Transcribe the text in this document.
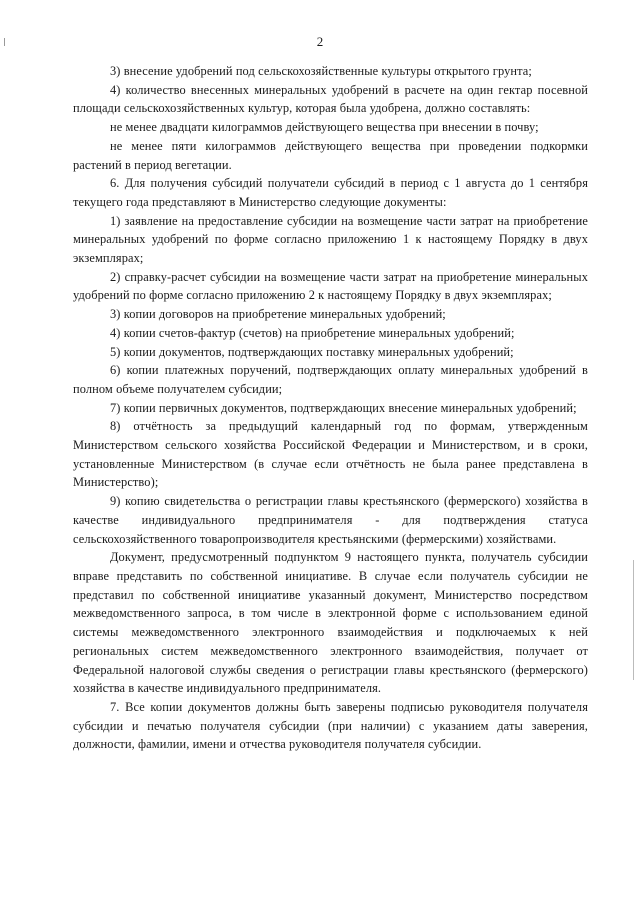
2

3) внесение удобрений под сельскохозяйственные культуры открытого грунта;

4) количество внесенных минеральных удобрений в расчете на один гектар посевной площади сельскохозяйственных культур, которая была удобрена, должно составлять:

не менее двадцати килограммов действующего вещества при внесении в почву;

не менее пяти килограммов действующего вещества при проведении подкормки растений в период вегетации.

6. Для получения субсидий получатели субсидий в период с 1 августа до 1 сентября текущего года представляют в Министерство следующие документы:

1) заявление на предоставление субсидии на возмещение части затрат на приобретение минеральных удобрений по форме согласно приложению 1 к настоящему Порядку в двух экземплярах;

2) справку-расчет субсидии на возмещение части затрат на приобретение минеральных удобрений по форме согласно приложению 2 к настоящему Порядку в двух экземплярах;

3) копии договоров на приобретение минеральных удобрений;

4) копии счетов-фактур (счетов) на приобретение минеральных удобрений;

5) копии документов, подтверждающих поставку минеральных удобрений;

6) копии платежных поручений, подтверждающих оплату минеральных удобрений в полном объеме получателем субсидии;

7) копии первичных документов, подтверждающих внесение минеральных удобрений;

8) отчётность за предыдущий календарный год по формам, утвержденным Министерством сельского хозяйства Российской Федерации и Министерством, и в сроки, установленные Министерством (в случае если отчётность не была ранее представлена в Министерство);

9) копию свидетельства о регистрации главы крестьянского (фермерского) хозяйства в качестве индивидуального предпринимателя - для подтверждения статуса сельскохозяйственного товаропроизводителя крестьянскими (фермерскими) хозяйствами.

Документ, предусмотренный подпунктом 9 настоящего пункта, получатель субсидии вправе представить по собственной инициативе. В случае если получатель субсидии не представил по собственной инициативе указанный документ, Министерство посредством межведомственного запроса, в том числе в электронной форме с использованием единой системы межведомственного электронного взаимодействия и подключаемых к ней региональных систем межведомственного электронного взаимодействия, получает от Федеральной налоговой службы сведения о регистрации главы крестьянского (фермерского) хозяйства в качестве индивидуального предпринимателя.

7. Все копии документов должны быть заверены подписью руководителя получателя субсидии и печатью получателя субсидии (при наличии) с указанием даты заверения, должности, фамилии, имени и отчества руководителя получателя субсидии.
